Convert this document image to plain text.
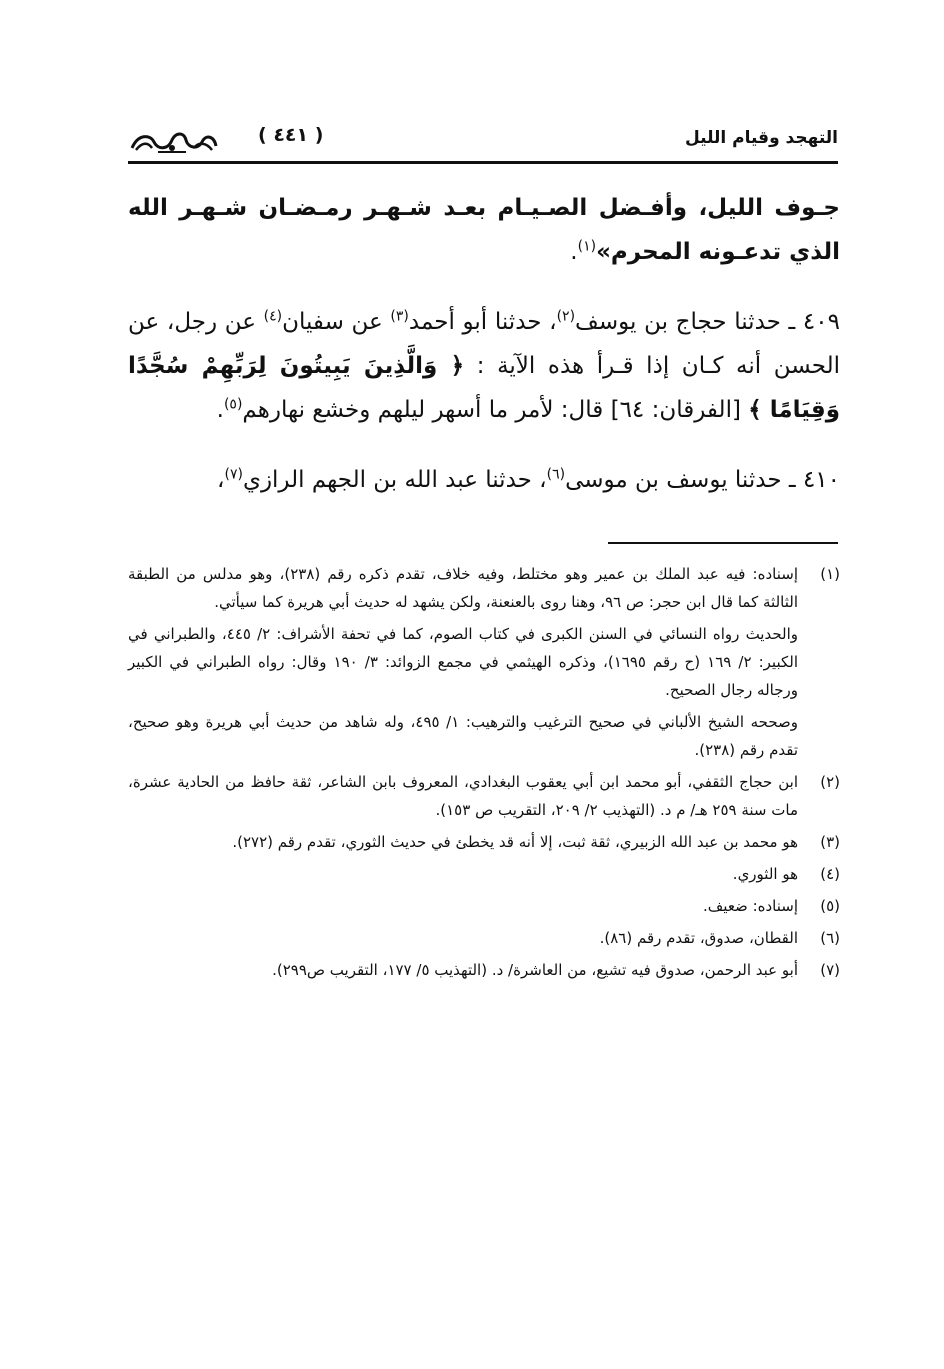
التهجد وقيام الليل
( ٤٤١ )

جـوف الليل، وأفـضل الصـيـام بعـد شـهـر رمـضـان شـهـر الله الذي تدعـونه المحرم»$^{(١)}$.

٤٠٩ ـ حدثنا حجاج بن يوسف$^{(٢)}$، حدثنا أبو أحمد$^{(٣)}$ عن سفيان$^{(٤)}$ عن رجل، عن الحسن أنه كـان إذا قـرأ هذه الآية : ﴿ وَالَّذِينَ يَبِيتُونَ لِرَبِّهِمْ سُجَّدًا وَقِيَامًا ﴾ [الفرقان: ٦٤] قال: لأمر ما أسهر ليلهم وخشع نهارهم$^{(٥)}$.

٤١٠ ـ حدثنا يوسف بن موسى$^{(٦)}$، حدثنا عبد الله بن الجهم الرازي$^{(٧)}$،

(١)
إسناده: فيه عبد الملك بن عمير وهو مختلط، وفيه خلاف، تقدم ذكره رقم (٢٣٨)، وهو مدلس من الطبقة الثالثة كما قال ابن حجر: ص ٩٦، وهنا روى بالعنعنة، ولكن يشهد له حديث أبي هريرة كما سيأتي.
والحديث رواه النسائي في السنن الكبرى في كتاب الصوم، كما في تحفة الأشراف: ٢/ ٤٤٥، والطبراني في الكبير: ٢/ ١٦٩ (ح رقم ١٦٩٥)، وذكره الهيثمي في مجمع الزوائد: ٣/ ١٩٠ وقال: رواه الطبراني في الكبير ورجاله رجال الصحيح.
وصححه الشيخ الألباني في صحيح الترغيب والترهيب: ١/ ٤٩٥، وله شاهد من حديث أبي هريرة وهو صحيح، تقدم رقم (٢٣٨).
(٢)
ابن حجاج الثقفي، أبو محمد ابن أبي يعقوب البغدادي، المعروف بابن الشاعر، ثقة حافظ من الحادية عشرة، مات سنة ٢٥٩ هـ/ م د. (التهذيب ٢/ ٢٠٩، التقريب ص ١٥٣).
(٣)
هو محمد بن عبد الله الزبيري، ثقة ثبت، إلا أنه قد يخطئ في حديث الثوري، تقدم رقم (٢٧٢).
(٤)
هو الثوري.
(٥)
إسناده: ضعيف.
(٦)
القطان، صدوق، تقدم رقم (٨٦).
(٧)
أبو عبد الرحمن، صدوق فيه تشيع، من العاشرة/ د. (التهذيب ٥/ ١٧٧، التقريب ص٢٩٩).
